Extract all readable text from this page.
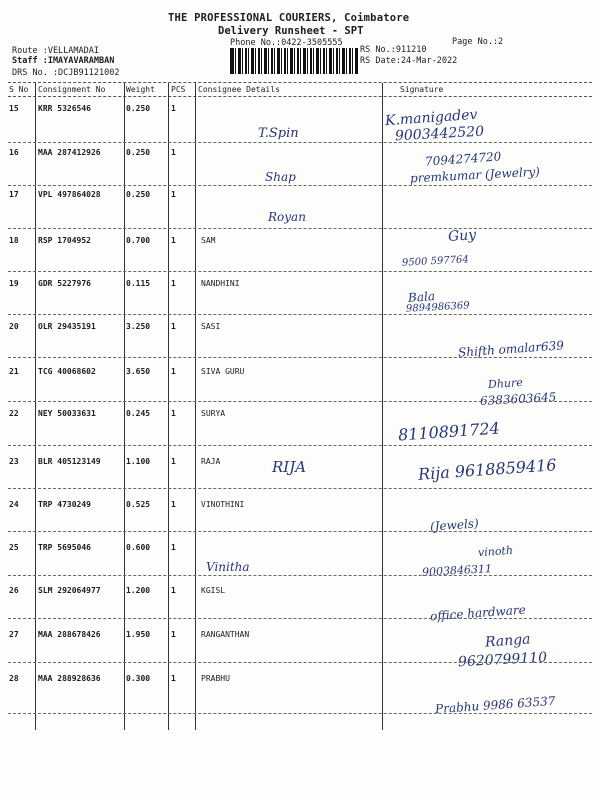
THE PROFESSIONAL COURIERS, Coimbatore
Delivery Runsheet - SPT
Phone No.:0422-3505555	Page No.:2
Route :VELLAMADAI
Staff :IMAYAVARAMBAN
DRS No. :DCJB91121002
RS No.:911210
RS Date:24-Mar-2022
S No Consignment No	Weight PCS Consignee Details	Signature
15 KRR 5326546	0.250	1
T.Spin
K.manigadev
9003442520
16 MAA 287412926	0.250	1
Shap
7094274720
premkumar (Jewelry)
17 VPL 497864028	0.250	1
Royan
18 RSP 1704952	0.700	1	SAM	Guy
9500 597764
19 GDR 5227976	0.115	1	NANDHINI
Bala
9894986369
20 OLR 29435191	3.250	1	SASI
Shifth omalar639
21 TCG 40068602	3.650	1	SIVA GURU
Dhure
6383603645
22 NEY 50033631	0.245	1	SURYA
8110891724
23 BLR 405123149	1.100	1	RAJA	RIJA	Rija 9618859416
24 TRP 4730249	0.525	1	VINOTHINI
(Jewels)
25 TRP 5695046	0.600	1
Vinitha
vinoth
9003846311
26 SLM 292064977	1.200	1	KGISL
office hardware
27 MAA 288678426	1.950	1	RANGANTHAN	Ranga
9620799110
28 MAA 288928636	0.300	1	PRABHU
Prabhu 9986 63537
